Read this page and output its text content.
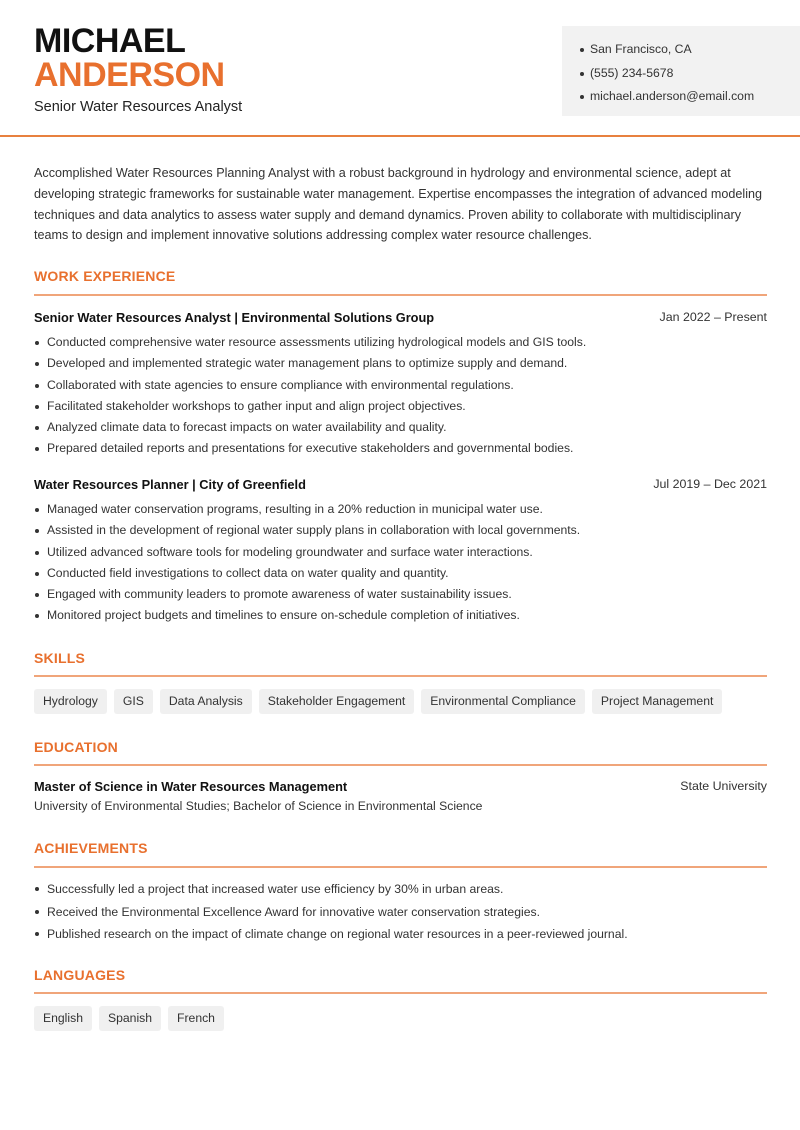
MICHAEL
ANDERSON
Senior Water Resources Analyst
San Francisco, CA
(555) 234-5678
michael.anderson@email.com

Accomplished Water Resources Planning Analyst with a robust background in hydrology and environmental science, adept at developing strategic frameworks for sustainable water management. Expertise encompasses the integration of advanced modeling techniques and data analytics to assess water supply and demand dynamics. Proven ability to collaborate with multidisciplinary teams to design and implement innovative solutions addressing complex water resource challenges.

WORK EXPERIENCE
Senior Water Resources Analyst | Environmental Solutions Group	Jan 2022 – Present
Conducted comprehensive water resource assessments utilizing hydrological models and GIS tools.
Developed and implemented strategic water management plans to optimize supply and demand.
Collaborated with state agencies to ensure compliance with environmental regulations.
Facilitated stakeholder workshops to gather input and align project objectives.
Analyzed climate data to forecast impacts on water availability and quality.
Prepared detailed reports and presentations for executive stakeholders and governmental bodies.
Water Resources Planner | City of Greenfield	Jul 2019 – Dec 2021
Managed water conservation programs, resulting in a 20% reduction in municipal water use.
Assisted in the development of regional water supply plans in collaboration with local governments.
Utilized advanced software tools for modeling groundwater and surface water interactions.
Conducted field investigations to collect data on water quality and quantity.
Engaged with community leaders to promote awareness of water sustainability issues.
Monitored project budgets and timelines to ensure on-schedule completion of initiatives.
SKILLS
Hydrology	GIS	Data Analysis	Stakeholder Engagement	Environmental Compliance	Project Management
EDUCATION
Master of Science in Water Resources Management	State University
University of Environmental Studies; Bachelor of Science in Environmental Science
ACHIEVEMENTS
Successfully led a project that increased water use efficiency by 30% in urban areas.
Received the Environmental Excellence Award for innovative water conservation strategies.
Published research on the impact of climate change on regional water resources in a peer-reviewed journal.
LANGUAGES
English	Spanish	French
